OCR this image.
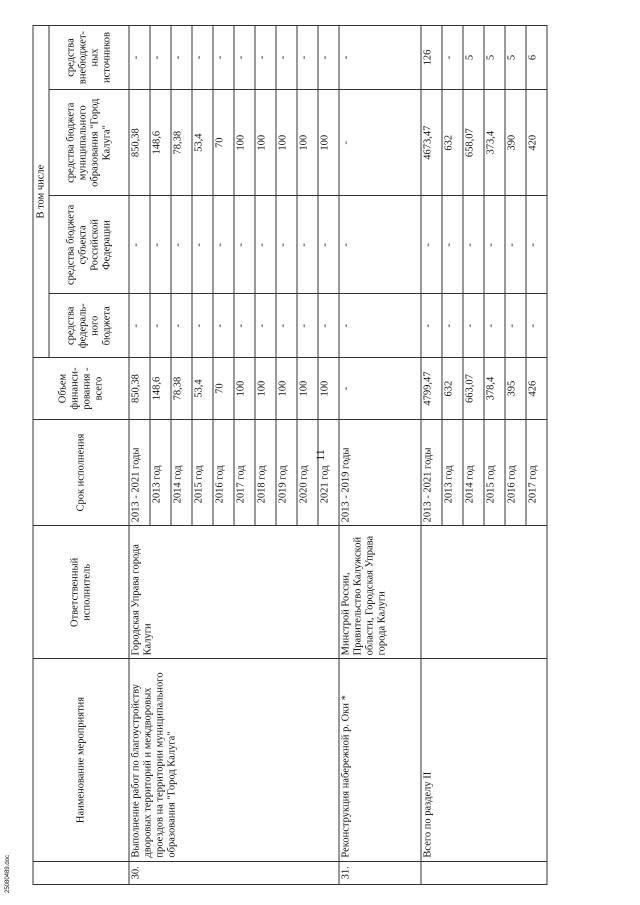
11
25080489.doc
	Наименование мероприятия	Ответственный исполнитель	Срок исполнения	Объем финанси-рования - всего	В том числе			
					средства федераль-ного бюджета	средства бюджета субъекта Российской Федерации	средства бюджета муниципального образования "Город Калуга"	средства внебюджет-ных источников
30.	Выполнение работ по благоустройству дворовых территорий и междворовых проездов на территории муниципального образования "Город Калуга"	Городская Управа города Калуги	2013 - 2021 годы	850,38	-	-	850,38	-
			2013 год	148,6	-	-	148,6	-
			2014 год	78,38	-	-	78,38	-
			2015 год	53,4	-	-	53,4	-
			2016 год	70	-	-	70	-
			2017 год	100	-	-	100	-
			2018 год	100	-	-	100	-
			2019 год	100	-	-	100	-
			2020 год	100	-	-	100	-
			2021 год	100	-	-	100	-
31.	Реконструкция набережной р. Оки *	Минстрой России, Правительство Калужской области, Городская Управа города Калуги	2013 - 2019 годы	-	-	-	-	-
	Всего по разделу II		2013 - 2021 годы	4799,47	-	-	4673,47	126
			2013 год	632	-	-	632	-
			2014 год	663,07	-	-	658,07	5
			2015 год	378,4	-	-	373,4	5
			2016 год	395	-	-	390	5
			2017 год	426	-	-	420	6
